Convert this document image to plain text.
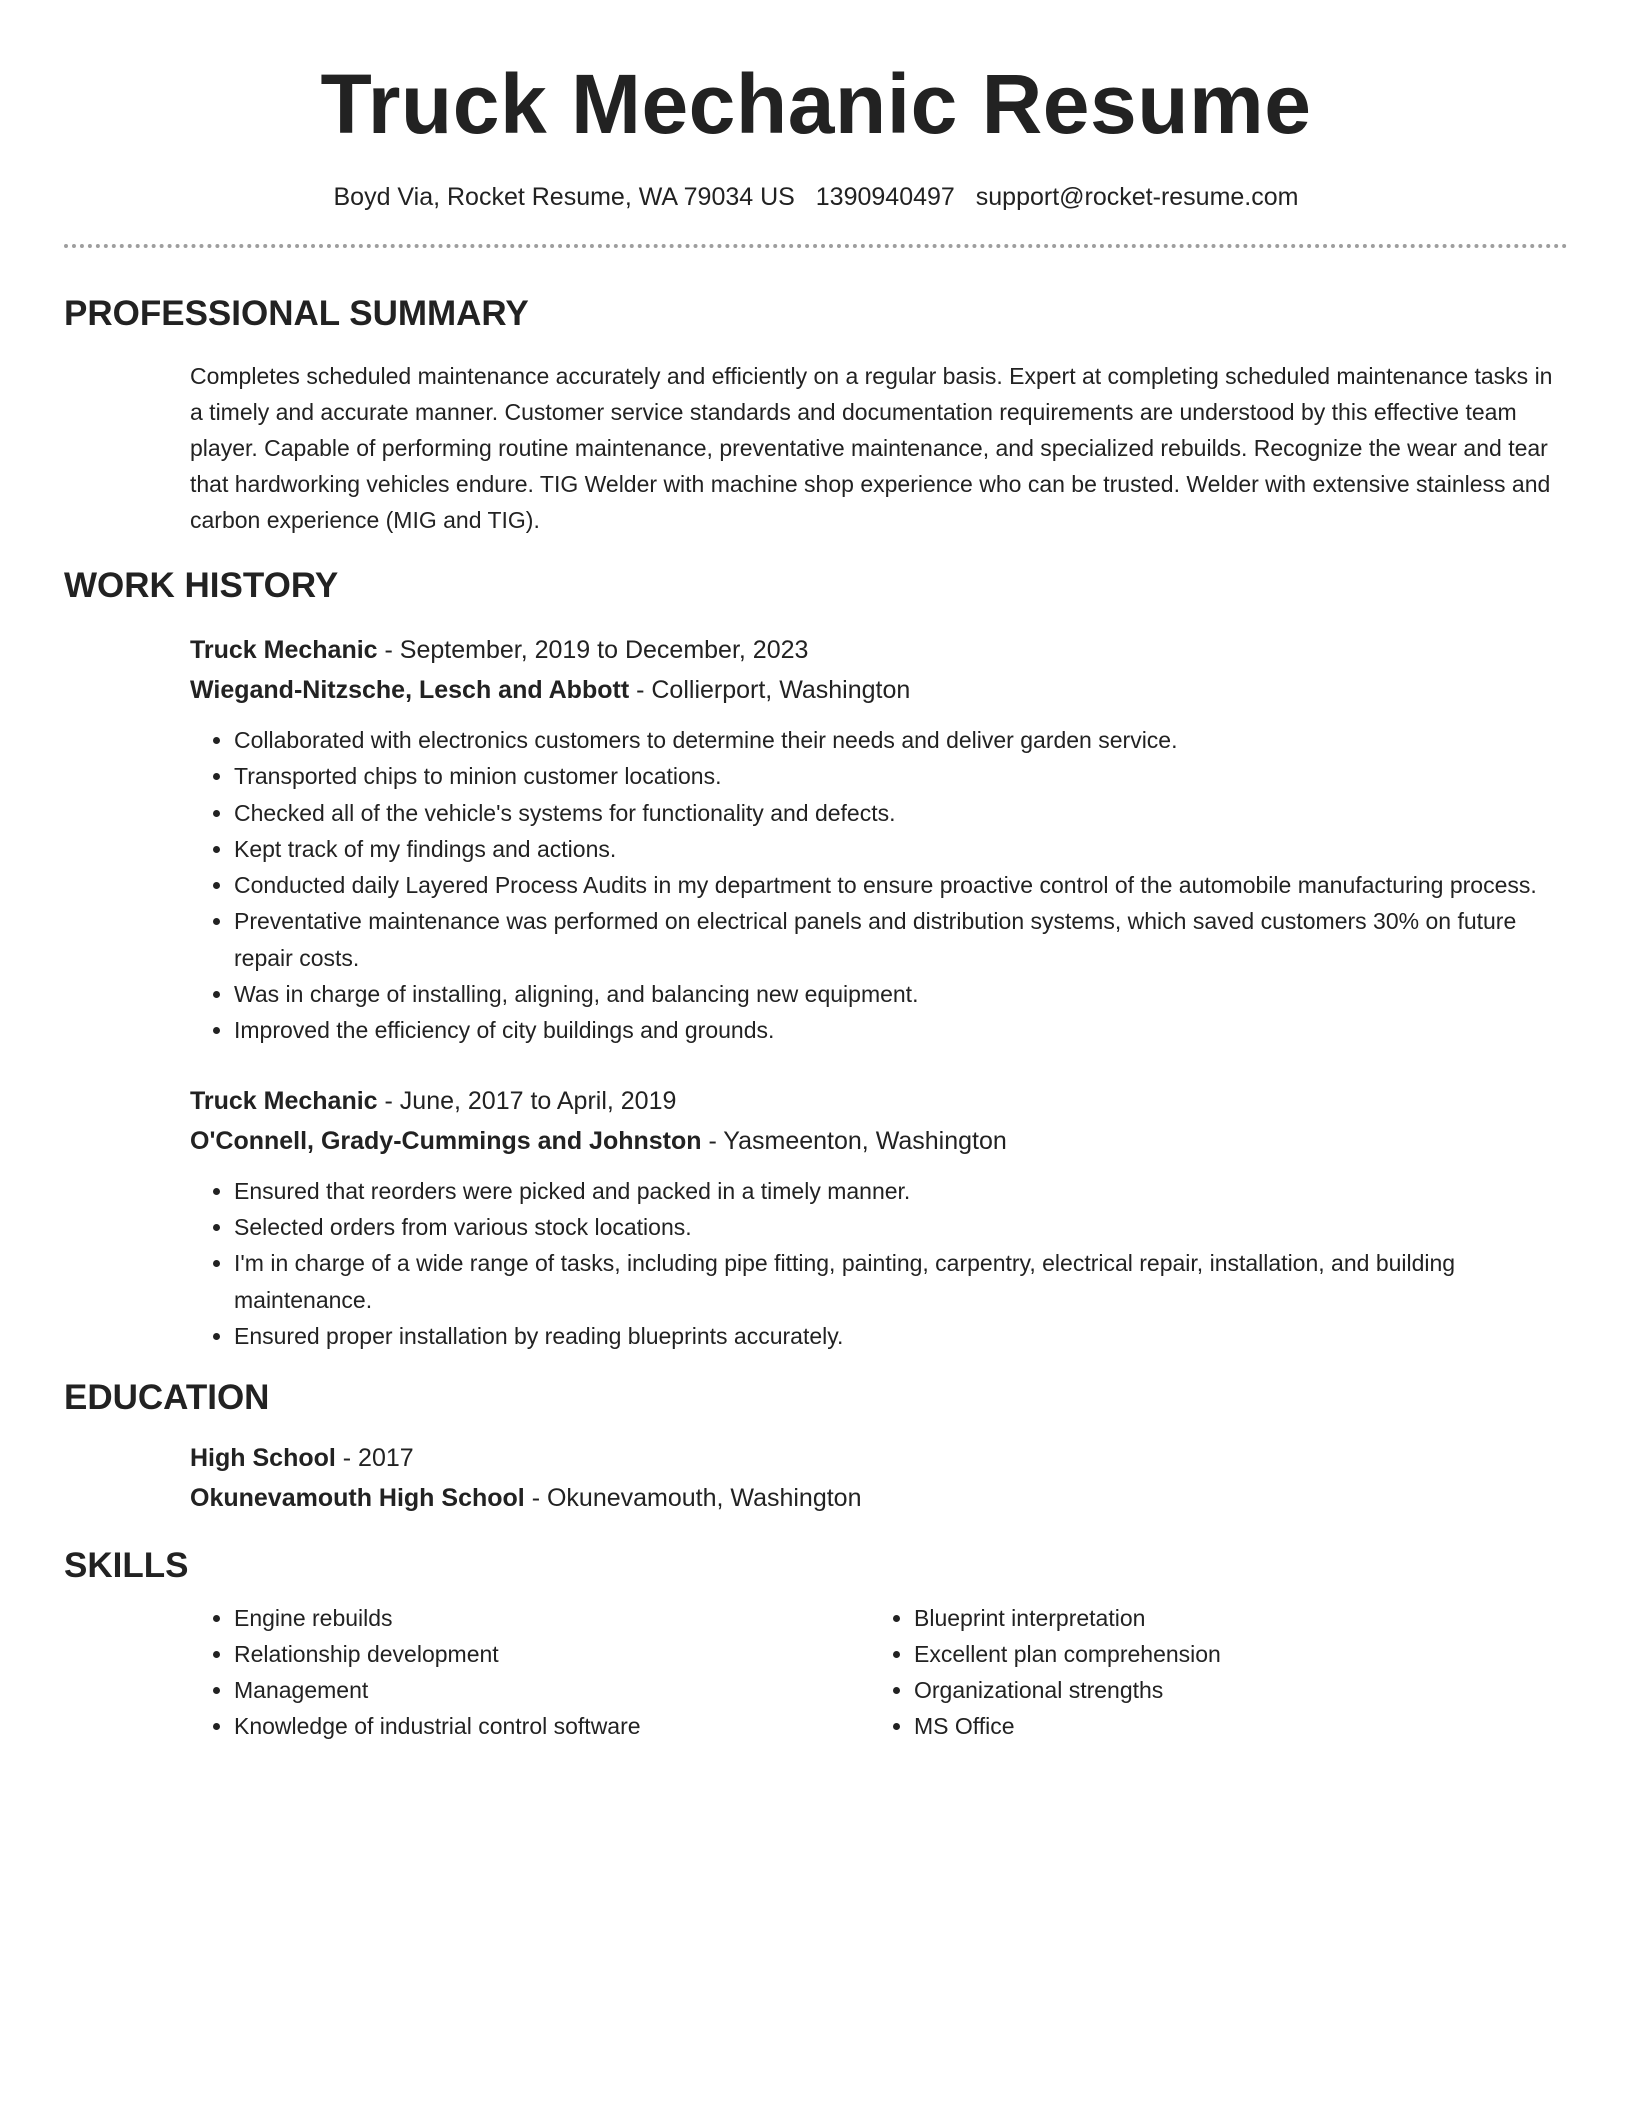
Truck Mechanic Resume
Boyd Via, Rocket Resume, WA 79034 US 1390940497 support@rocket-resume.com
PROFESSIONAL SUMMARY

Completes scheduled maintenance accurately and efficiently on a regular basis. Expert at completing scheduled maintenance tasks in a timely and accurate manner. Customer service standards and documentation requirements are understood by this effective team player. Capable of performing routine maintenance, preventative maintenance, and specialized rebuilds. Recognize the wear and tear that hardworking vehicles endure. TIG Welder with machine shop experience who can be trusted. Welder with extensive stainless and carbon experience (MIG and TIG).

WORK HISTORY
Truck Mechanic - September, 2019 to December, 2023
Wiegand-Nitzsche, Lesch and Abbott - Collierport, Washington
• Collaborated with electronics customers to determine their needs and deliver garden service.
• Transported chips to minion customer locations.
• Checked all of the vehicle's systems for functionality and defects.
• Kept track of my findings and actions.
• Conducted daily Layered Process Audits in my department to ensure proactive control of the automobile manufacturing process.
• Preventative maintenance was performed on electrical panels and distribution systems, which saved customers 30% on future repair costs.
• Was in charge of installing, aligning, and balancing new equipment.
• Improved the efficiency of city buildings and grounds.
Truck Mechanic - June, 2017 to April, 2019
O'Connell, Grady-Cummings and Johnston - Yasmeenton, Washington
• Ensured that reorders were picked and packed in a timely manner.
• Selected orders from various stock locations.
• I'm in charge of a wide range of tasks, including pipe fitting, painting, carpentry, electrical repair, installation, and building maintenance.
• Ensured proper installation by reading blueprints accurately.
EDUCATION
High School - 2017
Okunevamouth High School - Okunevamouth, Washington
SKILLS
• Engine rebuilds
• Relationship development
• Management
• Knowledge of industrial control software
• Blueprint interpretation
• Excellent plan comprehension
• Organizational strengths
• MS Office
